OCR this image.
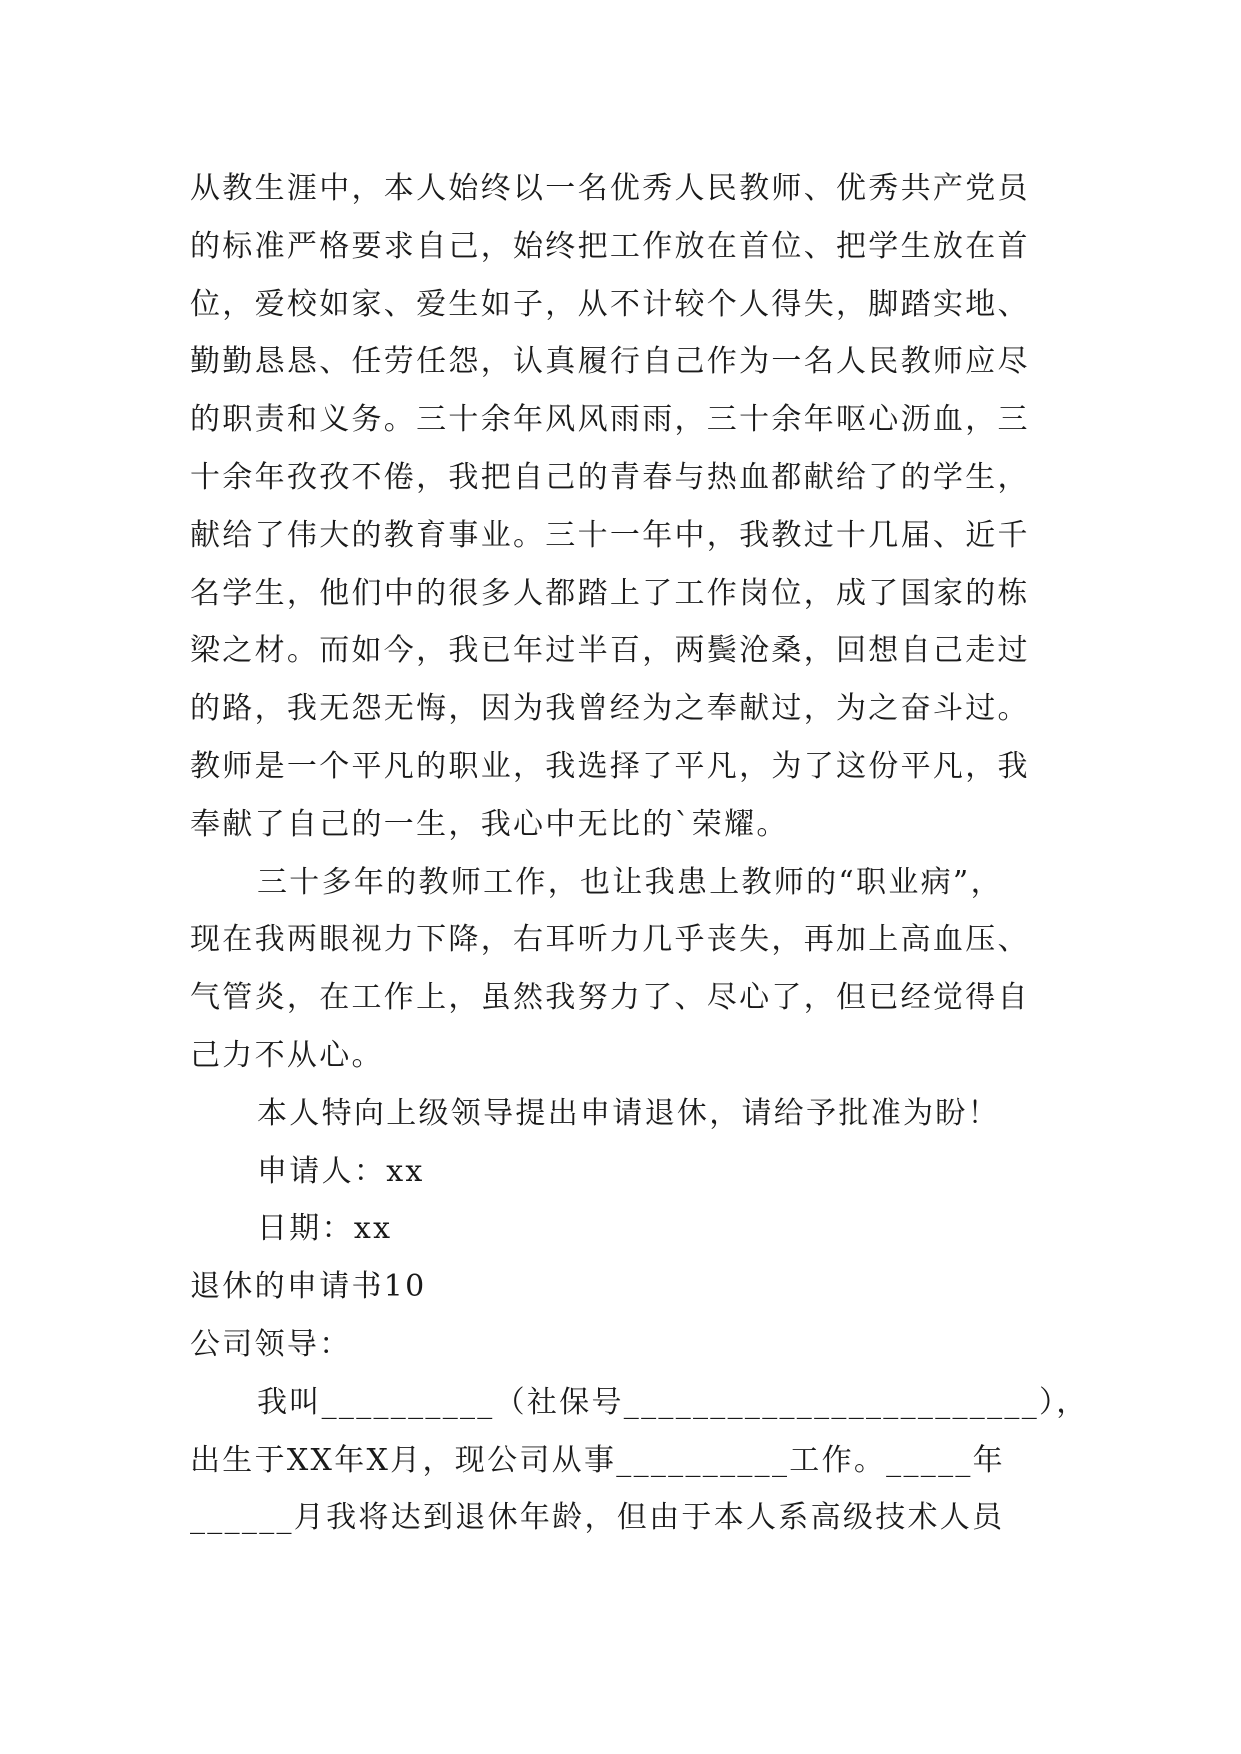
从教生涯中，本人始终以一名优秀人民教师、优秀共产党员
的标准严格要求自己，始终把工作放在首位、把学生放在首
位，爱校如家、爱生如子，从不计较个人得失，脚踏实地、
勤勤恳恳、任劳任怨，认真履行自己作为一名人民教师应尽
的职责和义务。三十余年风风雨雨，三十余年呕心沥血，三
十余年孜孜不倦，我把自己的青春与热血都献给了的学生，
献给了伟大的教育事业。三十一年中，我教过十几届、近千
名学生，他们中的很多人都踏上了工作岗位，成了国家的栋
梁之材。而如今，我已年过半百，两鬓沧桑，回想自己走过
的路，我无怨无悔，因为我曾经为之奉献过，为之奋斗过。
教师是一个平凡的职业，我选择了平凡，为了这份平凡，我
奉献了自己的一生，我心中无比的`荣耀。
三十多年的教师工作，也让我患上教师的“职业病”，
现在我两眼视力下降，右耳听力几乎丧失，再加上高血压、
气管炎，在工作上，虽然我努力了、尽心了，但已经觉得自
己力不从心。
本人特向上级领导提出申请退休，请给予批准为盼！
申请人：xx
日期：xx
退休的申请书10
公司领导：
我叫__________（社保号________________________），
出生于XX年X月，现公司从事__________工作。_____年
______月我将达到退休年龄，但由于本人系高级技术人员
